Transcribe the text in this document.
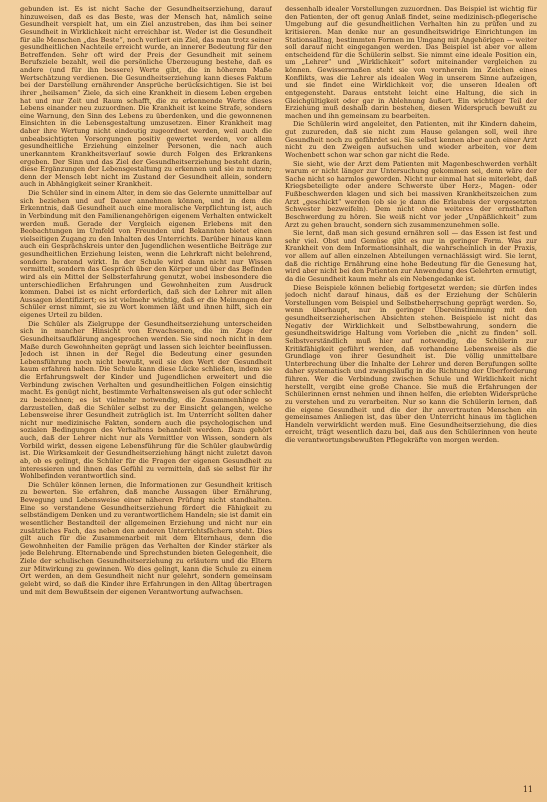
gebunden ist. Es ist nicht Sache der Gesundheitserziehung, darauf hinzuweisen, daß es das Beste, was der Mensch hat, nämlich seine Gesundheit verspielt hat, um ein Ziel anzustreben, das ihm bei seiner Gesundheit in Wirklichkeit nicht erreichbar ist. Weder ist die Gesundheit für alle Menschen „das Beste“, noch verliert ein Ziel, das man trotz seiner gesundheitlichen Nachteile erreicht wurde, an innerer Bedeutung für den Betreffenden. Sehr oft wird der Preis der Gesundheit mit seinem Berufsziele bezahlt, weil die persönliche Überzeugung bestehe, daß es andere (und für ihn bessere) Werte gibt, die in höherem Maße Wertschätzung verdienen. Die Gesundheitserziehung kann dieses Faktum bei der Darstellung ernährender Ansprüche berücksichtigen. Sie ist bei ihrer „heilsamen“ Ziele, da sich eine Krankheit in diesem Leben ergeben hat und nur Zeit und Raum schafft, die zu erkennende Werte dieses Lebens einander neu zuzuordnen. Die Krankheit ist keine Strafe, sondern eine Warnung, den Sinn des Lebens zu überdenken, und die gewonnenen Einsichten in die Lebensgestaltung umzusetzen. Einer Krankheit mag daher ihre Wertung nicht eindeutig zugeordnet werden, weil auch die unbeabsichtigten Vorsorgungen positiv gewertet werden, vor allem gesundheitliche Erziehung einzelner Personen, die nach auch unerkanntem Krankheitsverlauf sowie durch Folgen des Erkrankens ergeben. Der Sinn und das Ziel der Gesundheitserziehung besteht darin, diese Ergänzungen der Lebensgestaltung zu erkennen und sie zu nutzen; denn der Mensch lebt nicht im Zustand der Gesundheit allein, sondern auch in Abhängigkeit seiner Krankheit.

Die Schüler sind in einem Alter, in dem sie das Gelernte unmittelbar auf sich beziehen und auf Dauer annehmen können, und in dem die Erkenntnis, daß Gesundheit auch eine moralische Verpflichtung ist, auch in Verbindung mit den Familienangehörigen eigenem Verhalten entwickelt werden muß. Gerade der Vergleich eigenen Erlebens mit den Beobachtungen im Umfeld von Freunden und Bekannten bietet einen vielseitigen Zugang zu den Inhalten des Unterrichts. Darüber hinaus kann auch ein Gesprächskreis unter den Jugendlichen wesentliche Beiträge zur gesundheitlichen Erziehung leisten, wenn die Lehrkraft nicht belehrend, sondern beratend wirkt. In der Schule wird dann nicht nur Wissen vermittelt, sondern das Gespräch über den Körper und über das Befinden wird als ein Mittel der Selbsterfahrung genutzt, wobei insbesondere die unterschiedlichen Erfahrungen und Gewohnheiten zum Ausdruck kommen. Dabei ist es nicht erforderlich, daß sich der Lehrer mit allen Aussagen identifiziert; es ist vielmehr wichtig, daß er die Meinungen der Schüler ernst nimmt, sie zu Wort kommen läßt und ihnen hilft, sich ein eigenes Urteil zu bilden.

Die Schüler als Zielgruppe der Gesundheitserziehung unterscheiden sich in mancher Hinsicht von Erwachsenen, die im Zuge der Gesundheitsaufklärung angesprochen werden. Sie sind noch nicht in dem Maße durch Gewohnheiten geprägt und lassen sich leichter beeinflussen. Jedoch ist ihnen in der Regel die Bedeutung einer gesunden Lebensführung noch nicht bewußt, weil sie den Wert der Gesundheit kaum erfahren haben. Die Schule kann diese Lücke schließen, indem sie die Erfahrungswelt der Kinder und Jugendlichen erweitert und die Verbindung zwischen Verhalten und gesundheitlichen Folgen einsichtig macht. Es genügt nicht, bestimmte Verhaltensweisen als gut oder schlecht zu bezeichnen; es ist vielmehr notwendig, die Zusammenhänge so darzustellen, daß die Schüler selbst zu der Einsicht gelangen, welche Lebensweise ihrer Gesundheit zuträglich ist. Im Unterricht sollten daher nicht nur medizinische Fakten, sondern auch die psychologischen und sozialen Bedingungen des Verhaltens behandelt werden. Dazu gehört auch, daß der Lehrer nicht nur als Vermittler von Wissen, sondern als Vorbild wirkt, dessen eigene Lebensführung für die Schüler glaubwürdig ist. Die Wirksamkeit der Gesundheitserziehung hängt nicht zuletzt davon ab, ob es gelingt, die Schüler für die Fragen der eigenen Gesundheit zu interessieren und ihnen das Gefühl zu vermitteln, daß sie selbst für ihr Wohlbefinden verantwortlich sind.

Die Schüler können lernen, die Informationen zur Gesundheit kritisch zu bewerten. Sie erfahren, daß manche Aussagen über Ernährung, Bewegung und Lebensweise einer näheren Prüfung nicht standhalten. Eine so verstandene Gesundheitserziehung fördert die Fähigkeit zu selbständigem Denken und zu verantwortlichem Handeln; sie ist damit ein wesentlicher Bestandteil der allgemeinen Erziehung und nicht nur ein zusätzliches Fach, das neben den anderen Unterrichtsfächern steht. Dies gilt auch für die Zusammenarbeit mit dem Elternhaus, denn die Gewohnheiten der Familie prägen das Verhalten der Kinder stärker als jede Belehrung. Elternabende und Sprechstunden bieten Gelegenheit, die Ziele der schulischen Gesundheitserziehung zu erläutern und die Eltern zur Mitwirkung zu gewinnen. Wo dies gelingt, kann die Schule zu einem Ort werden, an dem Gesundheit nicht nur gelehrt, sondern gemeinsam gelebt wird, so daß die Kinder ihre Erfahrungen in den Alltag übertragen und mit dem Bewußtsein der eigenen Verantwortung aufwachsen.

dessenhalb idealer Vorstellungen zuzuordnen. Das Beispiel ist wichtig für den Patienten, der oft genug Anlaß findet, seine medizinisch-pflegerische Umgebung auf die gesundheitlichen Verhalten hin zu prüfen und zu kritisieren. Man denke nur an gesundheitswidrige Einrichtungen im Stationsalltag, bestimmten Formen im Umgang mit Angehörigen — weiter soll darauf nicht eingegangen werden. Das Beispiel ist aber vor allem entscheidend für die Schülerin selbst. Sie nimmt eine ideale Position ein, um „Lehrer“ und „Wirklichkeit“ sofort miteinander vergleichen zu können. Gewissermaßen steht sie von vornherein im Zeichen eines Konflikts, was die Lehrer als idealen Weg in unserem Sinne aufzeigen, und sie findet eine Wirklichkeit vor, die unseren Idealen oft entgegensteht. Daraus entsteht leicht eine Haltung, die sich in Gleichgültigkeit oder gar in Ablehnung äußert. Ein wichtiger Teil der Erziehung muß deshalb darin bestehen, diesen Widerspruch bewußt zu machen und ihn gemeinsam zu bearbeiten.

Die Schülerin wird angeleitet, den Patienten, mit ihr Kindern daheim, gut zuzureden, daß sie nicht zum Hause gelangen soll, weil ihre Gesundheit noch zu gefährdet sei. Sie selbst kennen aber auch einer Arzt nicht zu den Zweigen aufsuchen und wieder arbeiten, vor dem Wochenbett schon war schon gar nicht die Rede.

Sie sieht, wie der Arzt dem Patienten mit Magenbeschwerden verhält warum er nicht länger zur Untersuchung gekommen sei, denn wäre der Sache nicht so harmlos geworden. Nicht nur einmal hat sie miterlebt, daß Kriegsbeteiligte oder andere Schwerste über Herz-, Magen- oder Fußbeschwerden klagen und sich bei massiven Krankheitszeichen zum Arzt „geschickt“ werden (ob sie je dann die Erlaubnis der vorgesetzten Schwester bezweifeln). Dem nicht ohne weiteres der ernsthaften Beschwerdung zu hören. Sie weiß nicht vor jeder „Unpäßlichkeit“ zum Arzt zu gehen braucht, sondern sich zusammenzunehmen solle.

Sie lernt, daß man sich gesund ernähren soll — das Essen ist fest und sehr viel. Obst und Gemüse gibt es nur in geringer Form. Was zur Krankheit von dem Informationsinhalt, die wahrscheinlich in der Praxis, vor allem auf allen einzelnen Abteilungen vernachlässigt wird. Sie lernt, daß die richtige Ernährung eine hohe Bedeutung für die Genesung hat, wird aber nicht bei den Patienten zur Anwendung des Gelehrten ermutigt, da die Gesundheit kaum mehr als ein Nebengedanke ist.

Diese Beispiele können beliebig fortgesetzt werden; sie dürfen indes jedoch nicht darauf hinaus, daß es der Erziehung der Schülerin Vorstellungen vom Beispiel und Selbstbeherrschung geprägt werden. So, wenn überhaupt, nur in geringer Übereinstimmung mit den gesundheitserzieherischen Absichten stehen. Beispiele ist nicht das Negativ der Wirklichkeit und Selbstbewahrung, sondern die gesundheitswidrige Haltung vom Vorleben die „nicht zu finden“ soll. Selbstverständlich muß hier auf notwendig, die Schülerin zur Kritikfähigkeit geführt werden, daß vorhandene Lebensweise als die Grundlage von ihrer Gesundheit ist. Die völlig unmittelbare Unterbrechung über die Inhalte der Lehrer und deren Berufungen sollte daher systematisch und zwangsläufig in die Richtung der Überforderung führen. Wer die Verbindung zwischen Schule und Wirklichkeit nicht herstellt, vergibt eine große Chance. Sie muß die Erfahrungen der Schülerinnen ernst nehmen und ihnen helfen, die erlebten Widersprüche zu verstehen und zu verarbeiten. Nur so kann die Schülerin lernen, daß die eigene Gesundheit und die der ihr anvertrauten Menschen ein gemeinsames Anliegen ist, das über den Unterricht hinaus im täglichen Handeln verwirklicht werden muß. Eine Gesundheitserziehung, die dies erreicht, trägt wesentlich dazu bei, daß aus den Schülerinnen von heute die verantwortungsbewußten Pflegekräfte von morgen werden.

11
